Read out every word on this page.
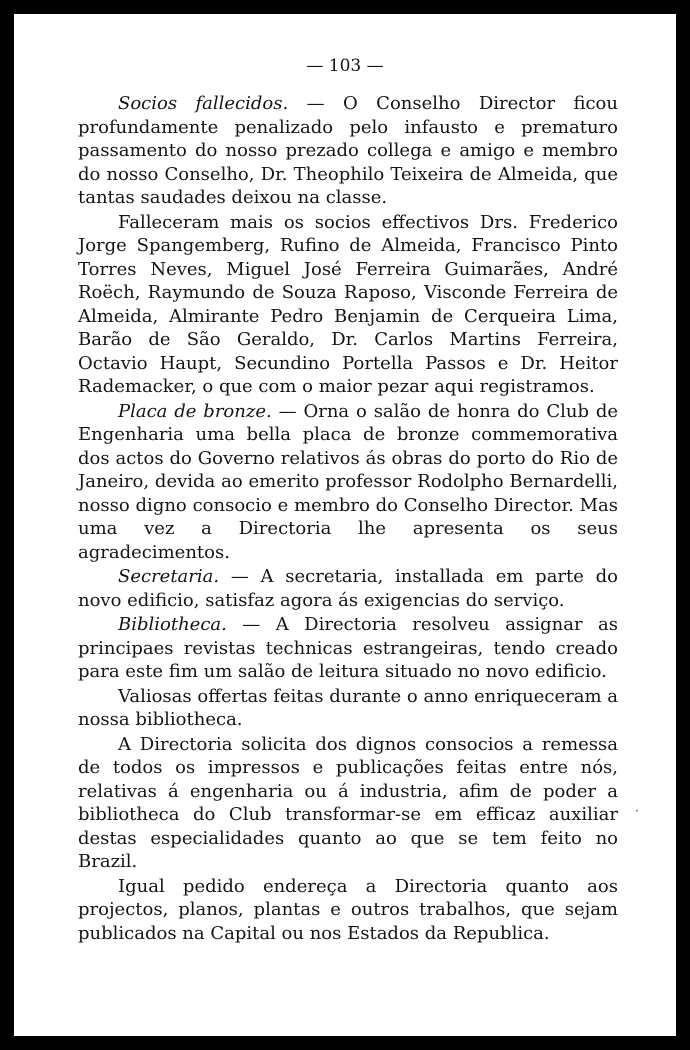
— 103 —

Socios fallecidos. — O Conselho Director ficou profundamente penalizado pelo infausto e prematuro passamento do nosso prezado collega e amigo e membro do nosso Conselho, Dr. Theophilo Teixeira de Almeida, que tantas saudades deixou na classe.

Falleceram mais os socios effectivos Drs. Frederico Jorge Spangemberg, Rufino de Almeida, Francisco Pinto Torres Neves, Miguel José Ferreira Guimarães, André Roëch, Raymundo de Souza Raposo, Visconde Ferreira de Almeida, Almirante Pedro Benjamin de Cerqueira Lima, Barão de São Geraldo, Dr. Carlos Martins Ferreira, Octavio Haupt, Secundino Portella Passos e Dr. Heitor Rademacker, o que com o maior pezar aqui registramos.

Placa de bronze. — Orna o salão de honra do Club de Engenharia uma bella placa de bronze commemorativa dos actos do Governo relativos ás obras do porto do Rio de Janeiro, devida ao emerito professor Rodolpho Bernardelli, nosso digno consocio e membro do Conselho Director. Mas uma vez a Directoria lhe apresenta os seus agradecimentos.

Secretaria. — A secretaria, installada em parte do novo edificio, satisfaz agora ás exigencias do serviço.

Bibliotheca. — A Directoria resolveu assignar as principaes revistas technicas estrangeiras, tendo creado para este fim um salão de leitura situado no novo edificio.

Valiosas offertas feitas durante o anno enriqueceram a nossa bibliotheca.

A Directoria solicita dos dignos consocios a remessa de todos os impressos e publicações feitas entre nós, relativas á engenharia ou á industria, afim de poder a bibliotheca do Club transformar-se em efficaz auxiliar destas especialidades quanto ao que se tem feito no Brazil.

Igual pedido endereça a Directoria quanto aos projectos, planos, plantas e outros trabalhos, que sejam publicados na Capital ou nos Estados da Republica.

·
